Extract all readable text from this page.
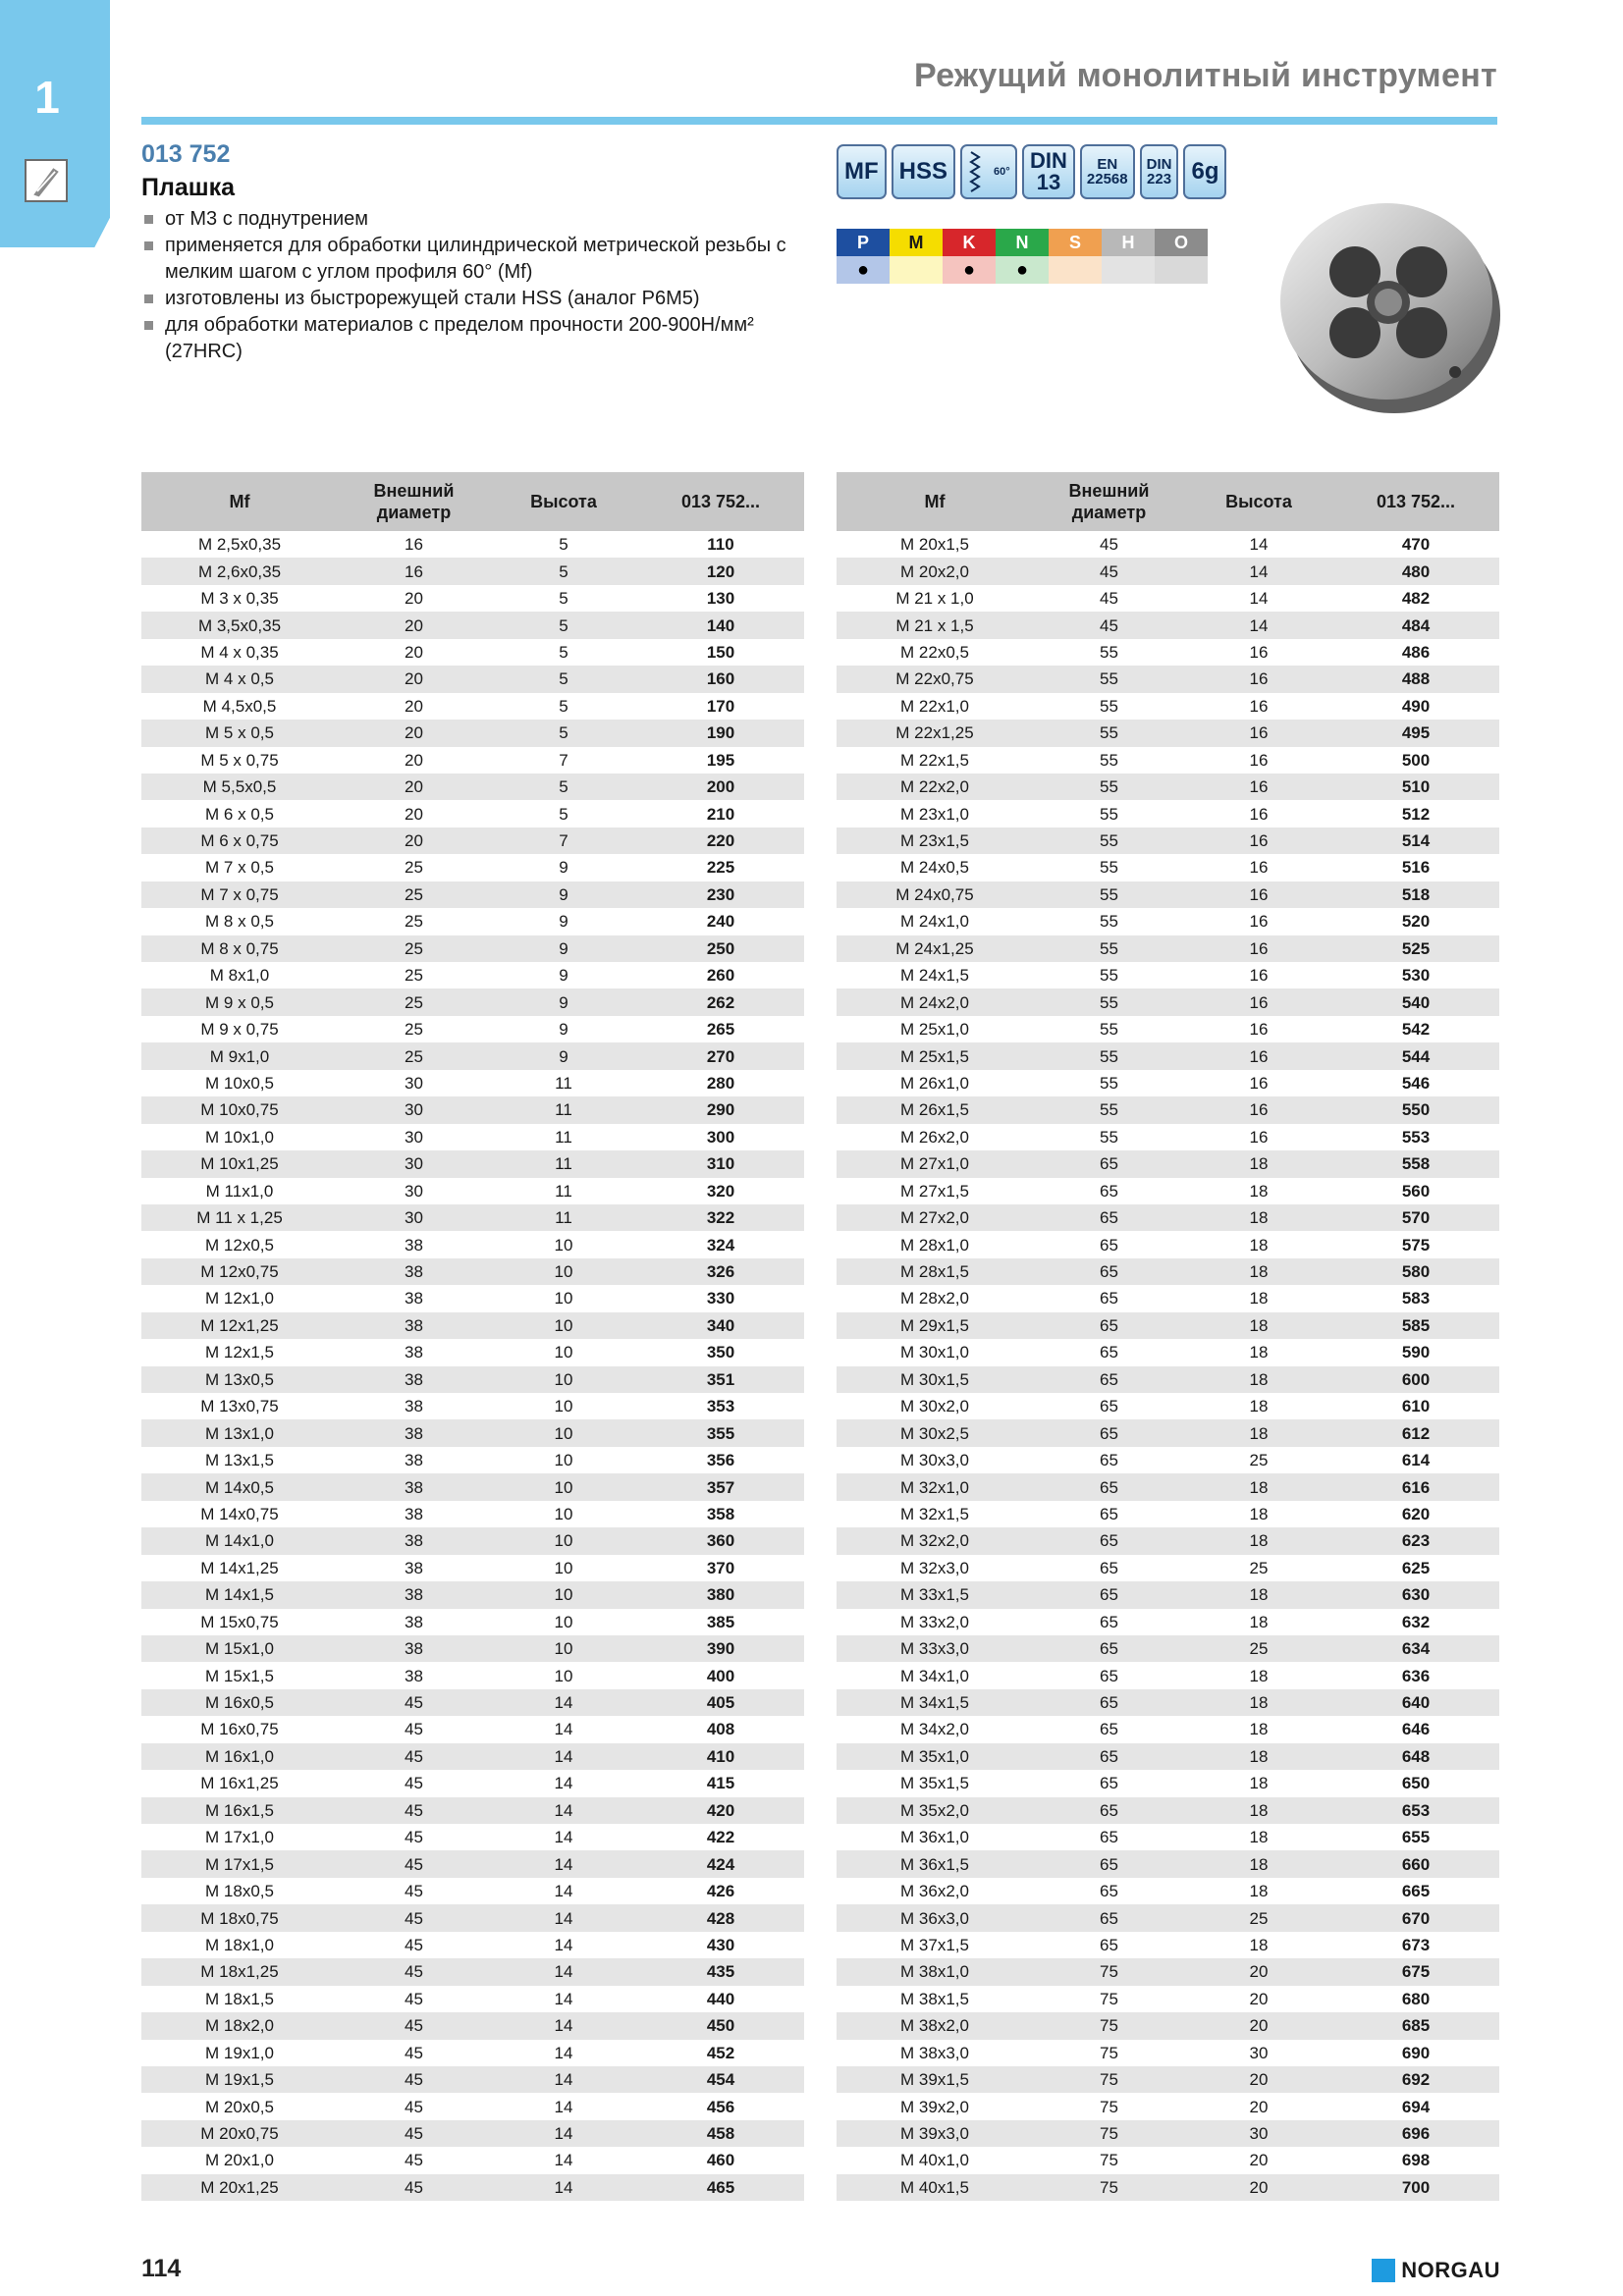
1	Режущий монолитный инструмент
013 752
Плашка
от М3 с поднутрением
применяется для обработки цилиндрической метрической резьбы с мелким шагом с углом профиля 60° (Mf)
изготовлены из быстрорежущей стали HSS (аналог Р6М5)
для обработки материалов с пределом прочности 200-900Н/мм² (27HRC)
MF HSS	60° DIN
13
EN
22568
DIN
223 6g
P	M	K	N	S	H	O
●		●	●			
Mf	Внешний диаметр	Высота	013 752...
M 2,5x0,35	16	5	110
M 2,6x0,35	16	5	120
M 3 x 0,35	20	5	130
M 3,5x0,35	20	5	140
M 4 x 0,35	20	5	150
M 4 x 0,5	20	5	160
M 4,5x0,5	20	5	170
M 5 x 0,5	20	5	190
M 5 x 0,75	20	7	195
M 5,5x0,5	20	5	200
M 6 x 0,5	20	5	210
M 6 x 0,75	20	7	220
M 7 x 0,5	25	9	225
M 7 x 0,75	25	9	230
M 8 x 0,5	25	9	240
M 8 x 0,75	25	9	250
M 8x1,0	25	9	260
M 9 x 0,5	25	9	262
M 9 x 0,75	25	9	265
M 9x1,0	25	9	270
M 10x0,5	30	11	280
M 10x0,75	30	11	290
M 10x1,0	30	11	300
M 10x1,25	30	11	310
M 11x1,0	30	11	320
M 11 x 1,25	30	11	322
M 12x0,5	38	10	324
M 12x0,75	38	10	326
M 12x1,0	38	10	330
M 12x1,25	38	10	340
M 12x1,5	38	10	350
M 13x0,5	38	10	351
M 13x0,75	38	10	353
M 13x1,0	38	10	355
M 13x1,5	38	10	356
M 14x0,5	38	10	357
M 14x0,75	38	10	358
M 14x1,0	38	10	360
M 14x1,25	38	10	370
M 14x1,5	38	10	380
M 15x0,75	38	10	385
M 15x1,0	38	10	390
M 15x1,5	38	10	400
M 16x0,5	45	14	405
M 16x0,75	45	14	408
M 16x1,0	45	14	410
M 16x1,25	45	14	415
M 16x1,5	45	14	420
M 17x1,0	45	14	422
M 17x1,5	45	14	424
M 18x0,5	45	14	426
M 18x0,75	45	14	428
M 18x1,0	45	14	430
M 18x1,25	45	14	435
M 18x1,5	45	14	440
M 18x2,0	45	14	450
M 19x1,0	45	14	452
M 19x1,5	45	14	454
M 20x0,5	45	14	456
M 20x0,75	45	14	458
M 20x1,0	45	14	460
M 20x1,25	45	14	465
Mf	Внешний диаметр	Высота	013 752...
M 20x1,5	45	14	470
M 20x2,0	45	14	480
M 21 x 1,0	45	14	482
M 21 x 1,5	45	14	484
M 22x0,5	55	16	486
M 22x0,75	55	16	488
M 22x1,0	55	16	490
M 22x1,25	55	16	495
M 22x1,5	55	16	500
M 22x2,0	55	16	510
M 23x1,0	55	16	512
M 23x1,5	55	16	514
M 24x0,5	55	16	516
M 24x0,75	55	16	518
M 24x1,0	55	16	520
M 24x1,25	55	16	525
M 24x1,5	55	16	530
M 24x2,0	55	16	540
M 25x1,0	55	16	542
M 25x1,5	55	16	544
M 26x1,0	55	16	546
M 26x1,5	55	16	550
M 26x2,0	55	16	553
M 27x1,0	65	18	558
M 27x1,5	65	18	560
M 27x2,0	65	18	570
M 28x1,0	65	18	575
M 28x1,5	65	18	580
M 28x2,0	65	18	583
M 29x1,5	65	18	585
M 30x1,0	65	18	590
M 30x1,5	65	18	600
M 30x2,0	65	18	610
M 30x2,5	65	18	612
M 30x3,0	65	25	614
M 32x1,0	65	18	616
M 32x1,5	65	18	620
M 32x2,0	65	18	623
M 32x3,0	65	25	625
M 33x1,5	65	18	630
M 33x2,0	65	18	632
M 33x3,0	65	25	634
M 34x1,0	65	18	636
M 34x1,5	65	18	640
M 34x2,0	65	18	646
M 35x1,0	65	18	648
M 35x1,5	65	18	650
M 35x2,0	65	18	653
M 36x1,0	65	18	655
M 36x1,5	65	18	660
M 36x2,0	65	18	665
M 36x3,0	65	25	670
M 37x1,5	65	18	673
M 38x1,0	75	20	675
M 38x1,5	75	20	680
M 38x2,0	75	20	685
M 38x3,0	75	30	690
M 39x1,5	75	20	692
M 39x2,0	75	20	694
M 39x3,0	75	30	696
M 40x1,0	75	20	698
M 40x1,5	75	20	700
114	NORGAU
